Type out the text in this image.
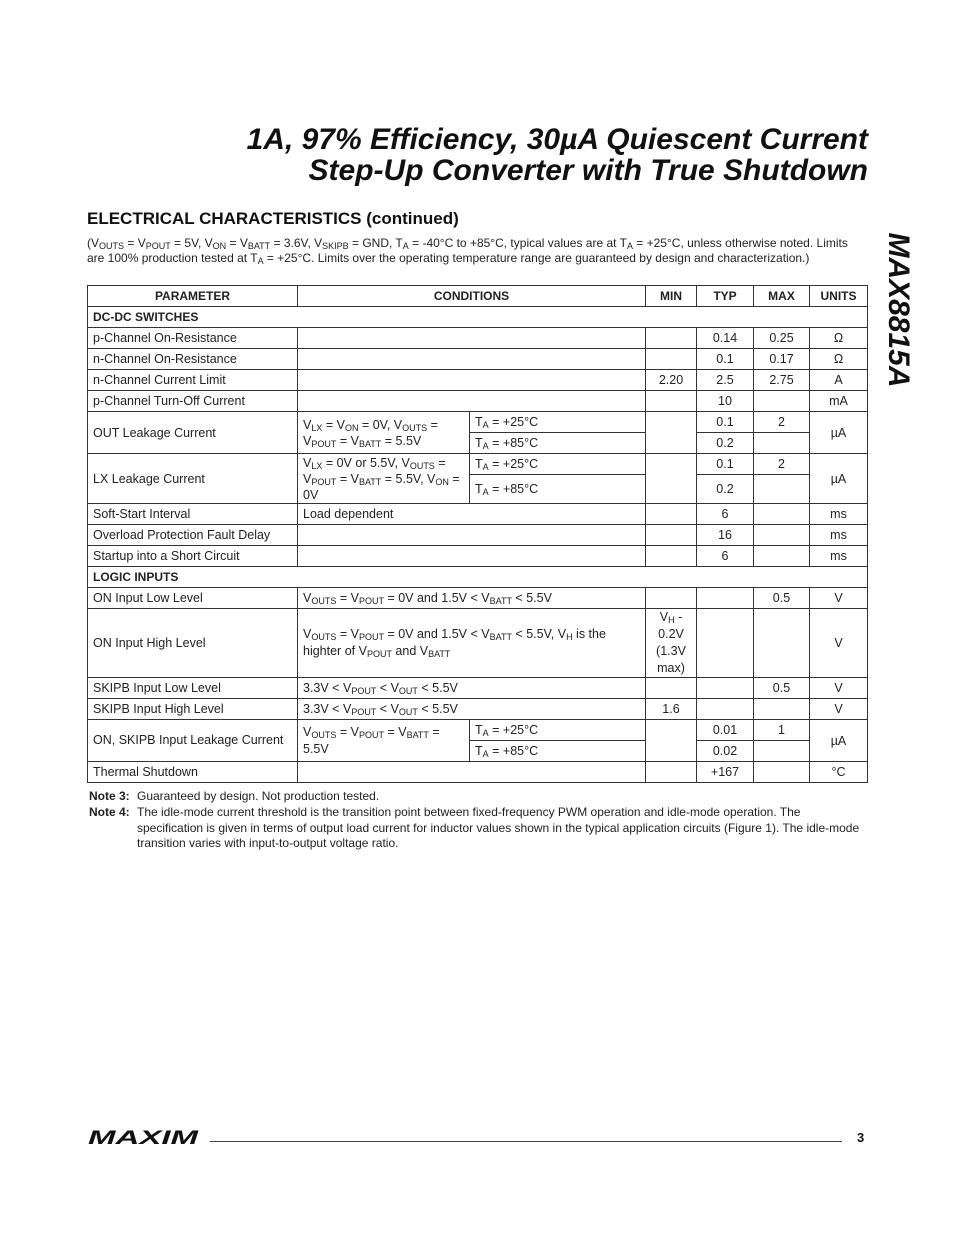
1A, 97% Efficiency, 30µA Quiescent Current
Step-Up Converter with True Shutdown
MAX8815A
ELECTRICAL CHARACTERISTICS (continued)
($V_{OUTS} = V_{POUT} = 5V$, $V_{ON} = V_{BATT} = 3.6V$, $V_{SKIPB}$ = GND, $T_A = -40^\circ C$ to +85°C, typical values are at $T_A = +25^\circ C$, unless otherwise noted. Limits are 100% production tested at $T_A = +25^\circ C$. Limits over the operating temperature range are guaranteed by design and characterization.)
PARAMETER	CONDITIONS		MIN	TYP	MAX	UNITS
DC-DC SWITCHES						
p-Channel On-Resistance				0.14	0.25	Ω
n-Channel On-Resistance				0.1	0.17	Ω
n-Channel Current Limit			2.20	2.5	2.75	A
p-Channel Turn-Off Current				10		mA
OUT Leakage Current	$V_{LX} = V_{ON} = 0V$, $V_{OUTS} = V_{POUT} = V_{BATT} = 5.5V$	$T_A = +25^\circ C$		0.1	2	µA
		$T_A = +85^\circ C$		0.2		
LX Leakage Current	$V_{LX} = 0V$ or 5.5V, $V_{OUTS} = V_{POUT} = V_{BATT} = 5.5V$, $V_{ON} = 0V$	$T_A = +25^\circ C$		0.1	2	µA
		$T_A = +85^\circ C$		0.2		
Soft-Start Interval	Load dependent			6		ms
Overload Protection Fault Delay				16		ms
Startup into a Short Circuit				6		ms
LOGIC INPUTS						
ON Input Low Level	$V_{OUTS} = V_{POUT} = 0V$ and $1.5V < V_{BATT} < 5.5V$				0.5	V
ON Input High Level	$V_{OUTS} = V_{POUT} = 0V$ and $1.5V < V_{BATT} < 5.5V$, $V_H$ is the highter of $V_{POUT}$ and $V_{BATT}$		$V_H$ -
0.2V
(1.3V
max)			V
SKIPB Input Low Level	$3.3V < V_{POUT} < V_{OUT} < 5.5V$				0.5	V
SKIPB Input High Level	$3.3V < V_{POUT} < V_{OUT} < 5.5V$		1.6			V
ON, SKIPB Input Leakage Current	$V_{OUTS} = V_{POUT} = V_{BATT} = 5.5V$	$T_A = +25^\circ C$		0.01	1	µA
		$T_A = +85^\circ C$		0.02		
Thermal Shutdown				+167		°C
Note 3: Guaranteed by design. Not production tested.
Note 4: The idle-mode current threshold is the transition point between fixed-frequency PWM operation and idle-mode operation. The specification is given in terms of output load current for inductor values shown in the typical application circuits (Figure 1). The idle-mode transition varies with input-to-output voltage ratio.
MAXIM	3
